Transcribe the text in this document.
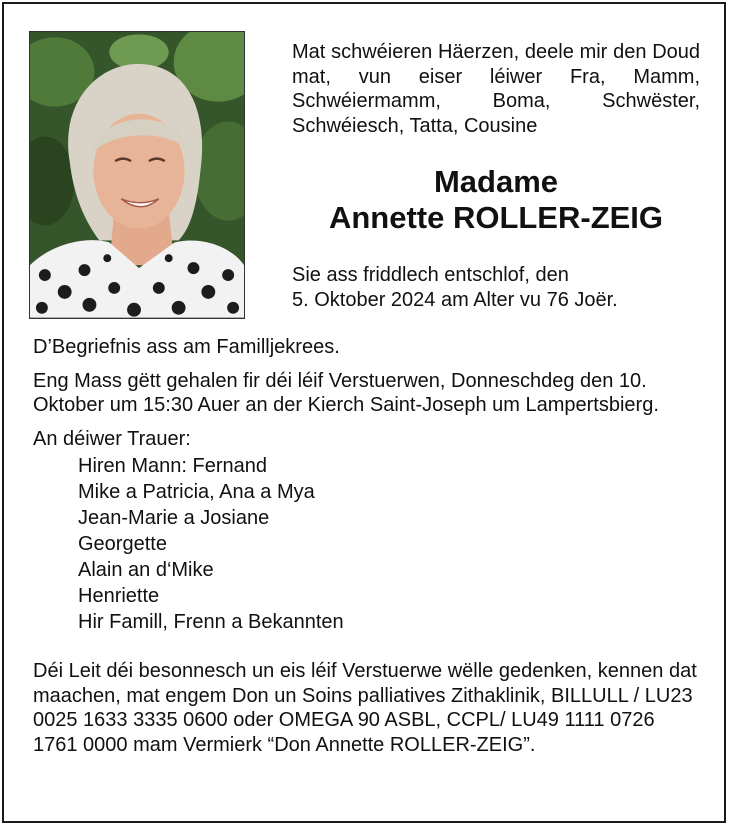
Mat schwéieren Häerzen, deele mir den Doud mat, vun eiser léiwer Fra, Mamm, Schwéiermamm, Boma, Schwëster, Schwéiesch, Tatta, Cousine

Madame
Annette ROLLER-ZEIG

Sie ass friddlech entschlof, den
5. Oktober 2024 am Alter vu 76 Joër.

D’Begriefnis ass am Familljekrees.

Eng Mass gëtt gehalen fir déi léif Verstuerwen, Donneschdeg den 10. Oktober um 15:30 Auer an der Kierch Saint-Joseph um Lampertsbierg.

An déiwer Trauer:

Hiren Mann: Fernand
Mike a Patricia, Ana a Mya
Jean-Marie a Josiane
Georgette
Alain an d‘Mike
Henriette
Hir Famill, Frenn a Bekannten

Déi Leit déi besonnesch un eis léif Verstuerwe wëlle gedenken, kennen dat maachen, mat engem Don un Soins palliatives Zithaklinik, BILLULL / LU23 0025 1633 3335 0600 oder OMEGA 90 ASBL, CCPL/ LU49 1111 0726 1761 0000 mam Vermierk “Don Annette ROLLER-ZEIG”.
